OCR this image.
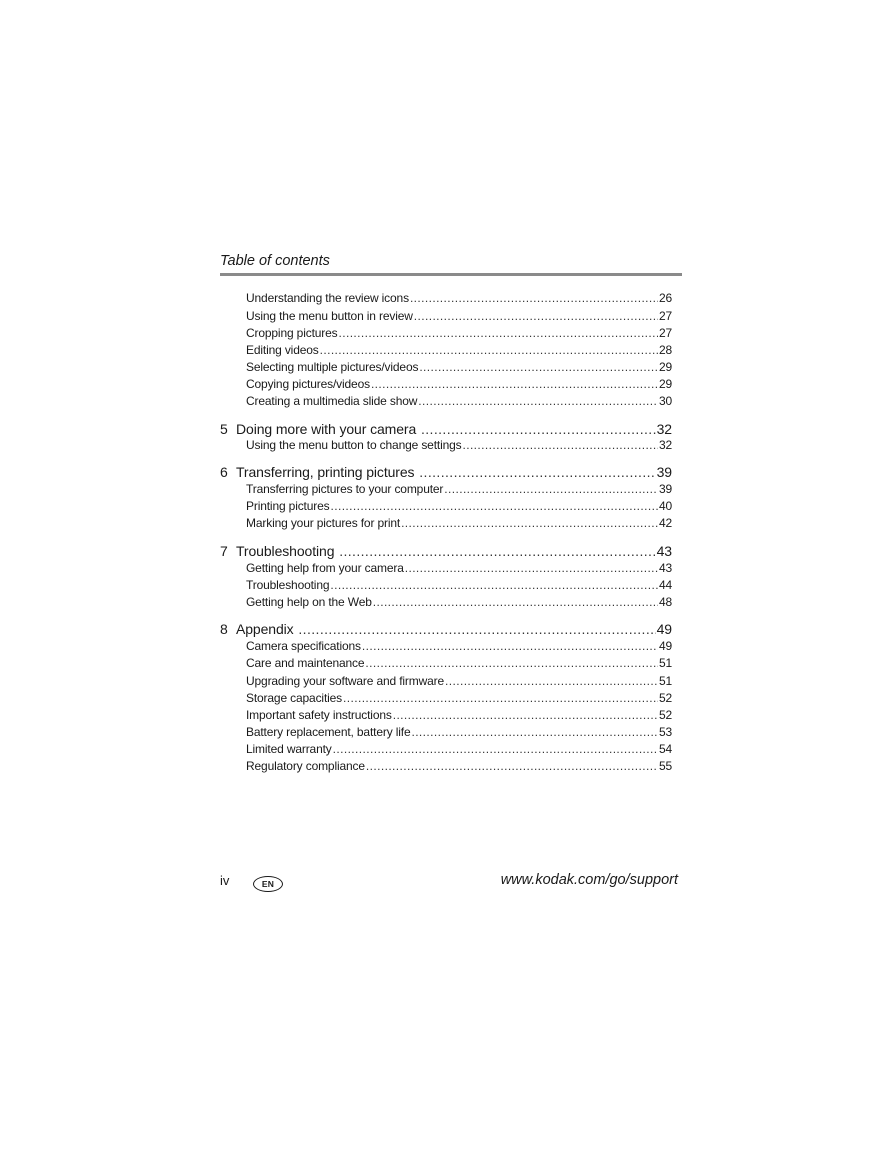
Table of contents
Understanding the review icons .....	26
Using the menu button in review .....	27
Cropping pictures .....	27
Editing videos .....	28
Selecting multiple pictures/videos .....	29
Copying pictures/videos .....	29
Creating a multimedia slide show .....	30
5 Doing more with your camera .....	32
Using the menu button to change settings .....	32
6 Transferring, printing pictures .....	39
Transferring pictures to your computer .....	39
Printing pictures .....	40
Marking your pictures for print .....	42
7 Troubleshooting .....	43
Getting help from your camera .....	43
Troubleshooting .....	44
Getting help on the Web .....	48
8 Appendix .....	49
Camera specifications .....	49
Care and maintenance .....	51
Upgrading your software and firmware .....	51
Storage capacities .....	52
Important safety instructions .....	52
Battery replacement, battery life .....	53
Limited warranty .....	54
Regulatory compliance .....	55
iv	EN	www.kodak.com/go/support
